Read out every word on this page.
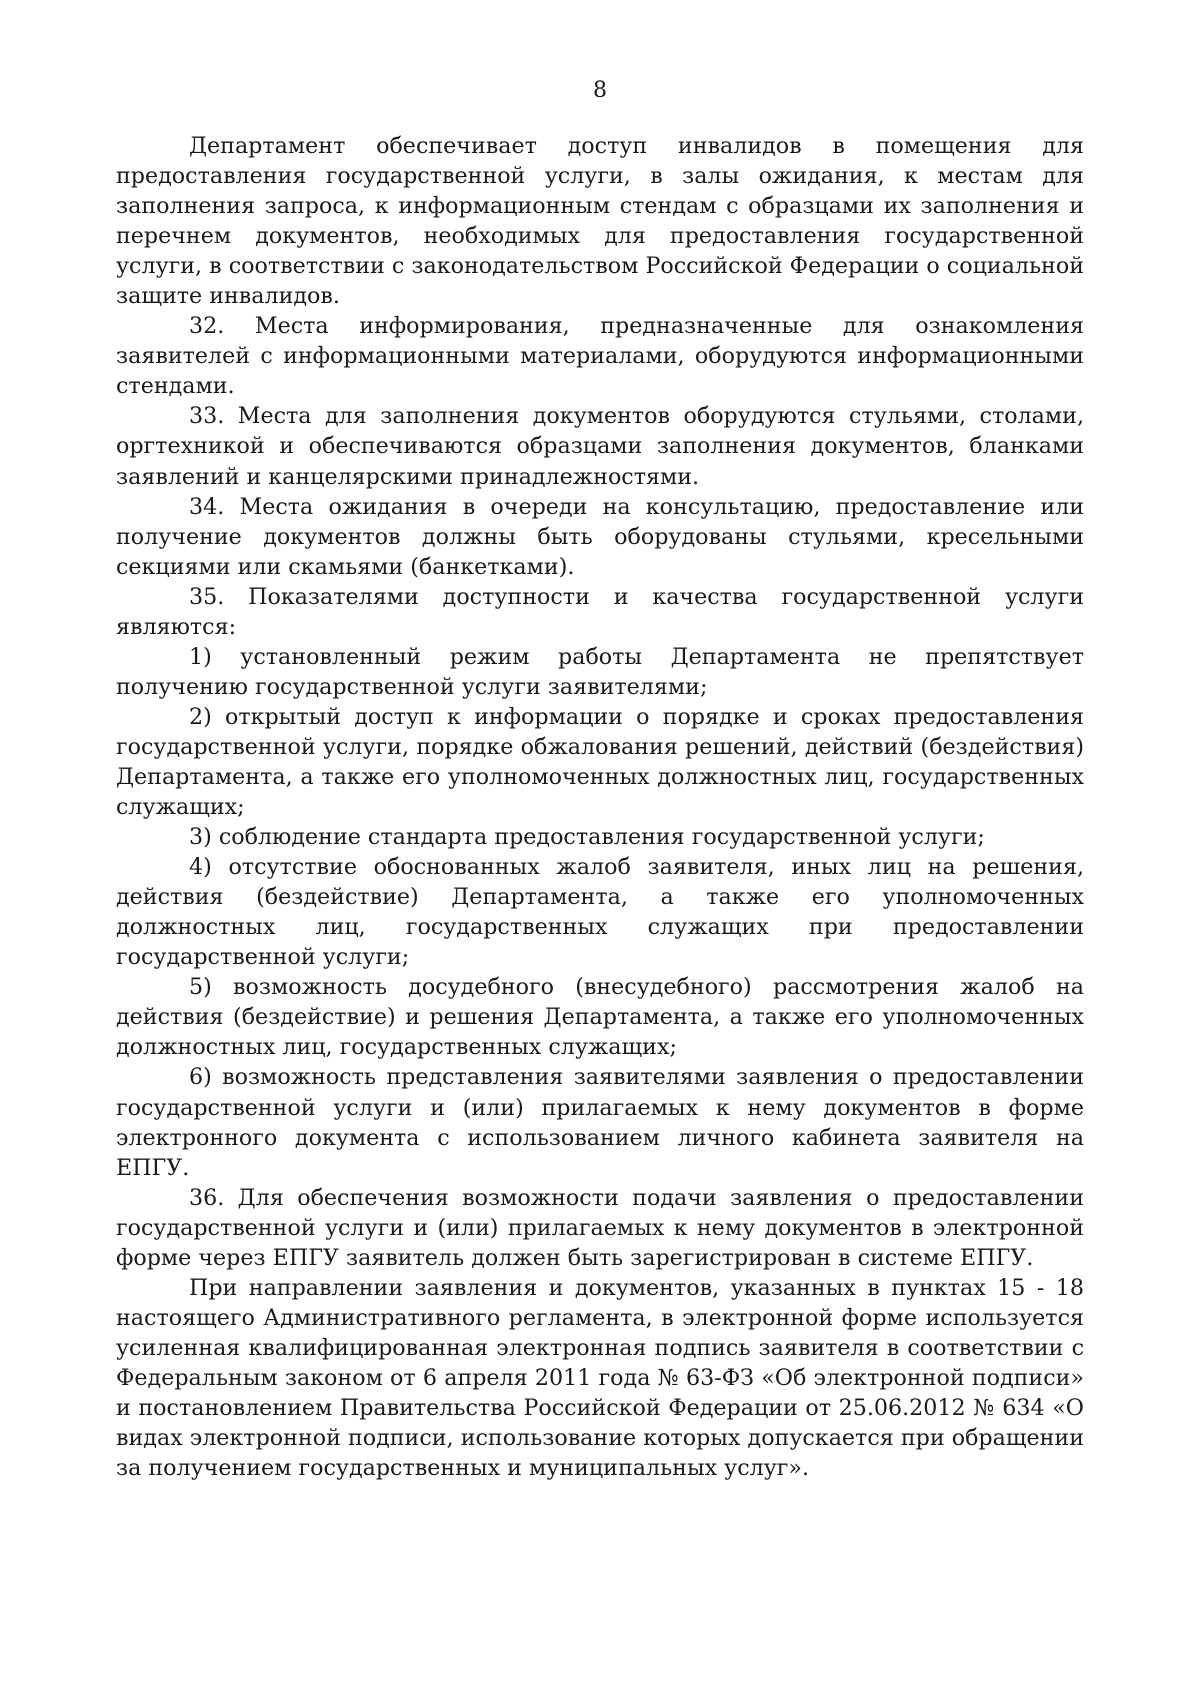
8

Департамент обеспечивает доступ инвалидов в помещения для предоставления государственной услуги, в залы ожидания, к местам для заполнения запроса, к информационным стендам с образцами их заполнения и перечнем документов, необходимых для предоставления государственной услуги, в соответствии с законодательством Российской Федерации о социальной защите инвалидов.

32. Места информирования, предназначенные для ознакомления заявителей с информационными материалами, оборудуются информационными стендами.

33. Места для заполнения документов оборудуются стульями, столами, оргтехникой и обеспечиваются образцами заполнения документов, бланками заявлений и канцелярскими принадлежностями.

34. Места ожидания в очереди на консультацию, предоставление или получение документов должны быть оборудованы стульями, кресельными секциями или скамьями (банкетками).

35. Показателями доступности и качества государственной услуги являются:

1) установленный режим работы Департамента не препятствует получению государственной услуги заявителями;

2) открытый доступ к информации о порядке и сроках предоставления государственной услуги, порядке обжалования решений, действий (бездействия) Департамента, а также его уполномоченных должностных лиц, государственных служащих;

3) соблюдение стандарта предоставления государственной услуги;

4) отсутствие обоснованных жалоб заявителя, иных лиц на решения, действия (бездействие) Департамента, а также его уполномоченных должностных лиц, государственных служащих при предоставлении государственной услуги;

5) возможность досудебного (внесудебного) рассмотрения жалоб на действия (бездействие) и решения Департамента, а также его уполномоченных должностных лиц, государственных служащих;

6) возможность представления заявителями заявления о предоставлении государственной услуги и (или) прилагаемых к нему документов в форме электронного документа с использованием личного кабинета заявителя на ЕПГУ.

36. Для обеспечения возможности подачи заявления о предоставлении государственной услуги и (или) прилагаемых к нему документов в электронной форме через ЕПГУ заявитель должен быть зарегистрирован в системе ЕПГУ.

При направлении заявления и документов, указанных в пунктах 15 - 18 настоящего Административного регламента, в электронной форме используется усиленная квалифицированная электронная подпись заявителя в соответствии с Федеральным законом от 6 апреля 2011 года № 63-ФЗ «Об электронной подписи» и постановлением Правительства Российской Федерации от 25.06.2012 № 634 «О видах электронной подписи, использование которых допускается при обращении за получением государственных и муниципальных услуг».
